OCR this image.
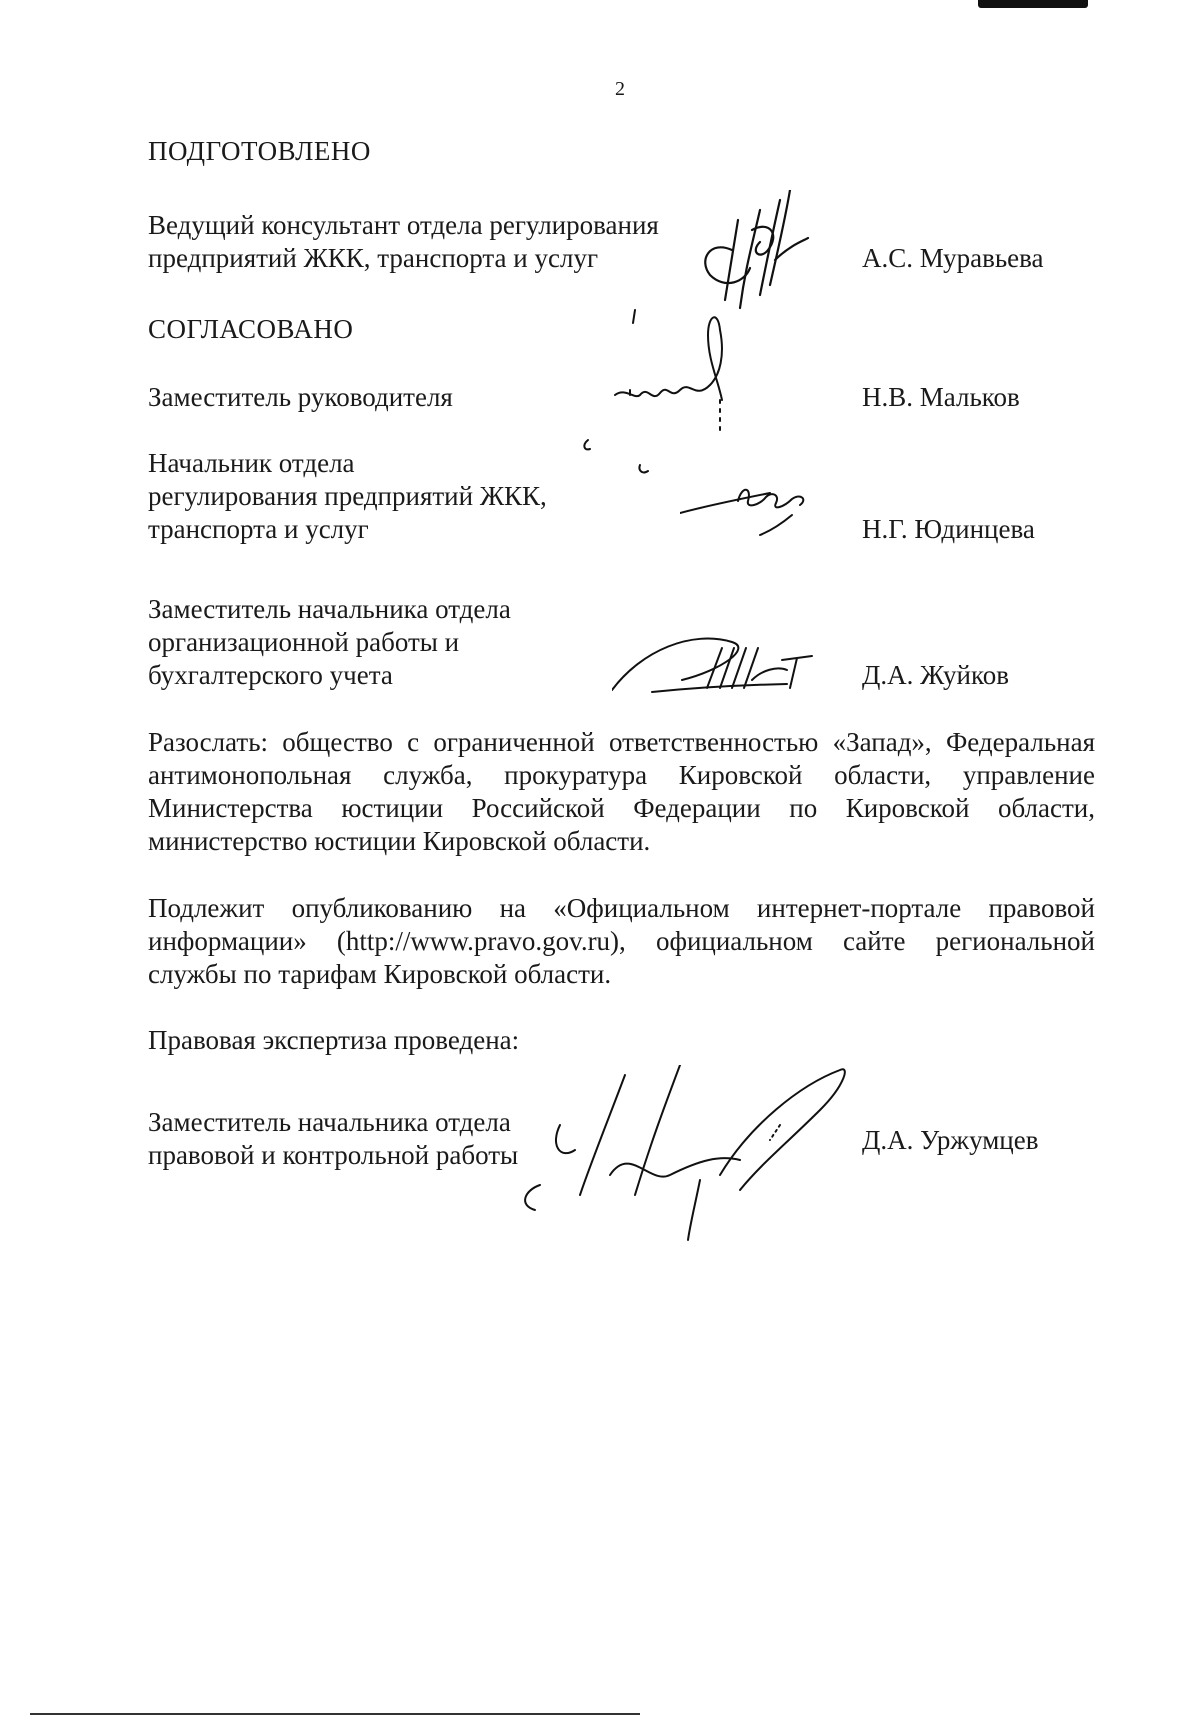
2
ПОДГОТОВЛЕНО
Ведущий консультант отдела регулирования
предприятий ЖКК, транспорта и услуг	А.С. Муравьева
СОГЛАСОВАНО
Заместитель руководителя	Н.В. Мальков
Начальник отдела
регулирования предприятий ЖКК,
транспорта и услуг	Н.Г. Юдинцева
Заместитель начальника отдела
организационной работы и
бухгалтерского учета	Д.А. Жуйков
Разослать: общество с ограниченной ответственностью «Запад», Федеральная антимонопольная служба, прокуратура Кировской области, управление Министерства юстиции Российской Федерации по Кировской области, министерство юстиции Кировской области.
Подлежит опубликованию на «Официальном интернет-портале правовой информации» (http://www.pravo.gov.ru), официальном сайте региональной службы по тарифам Кировской области.
Правовая экспертиза проведена:
Заместитель начальника отдела
правовой и контрольной работы	Д.А. Уржумцев
